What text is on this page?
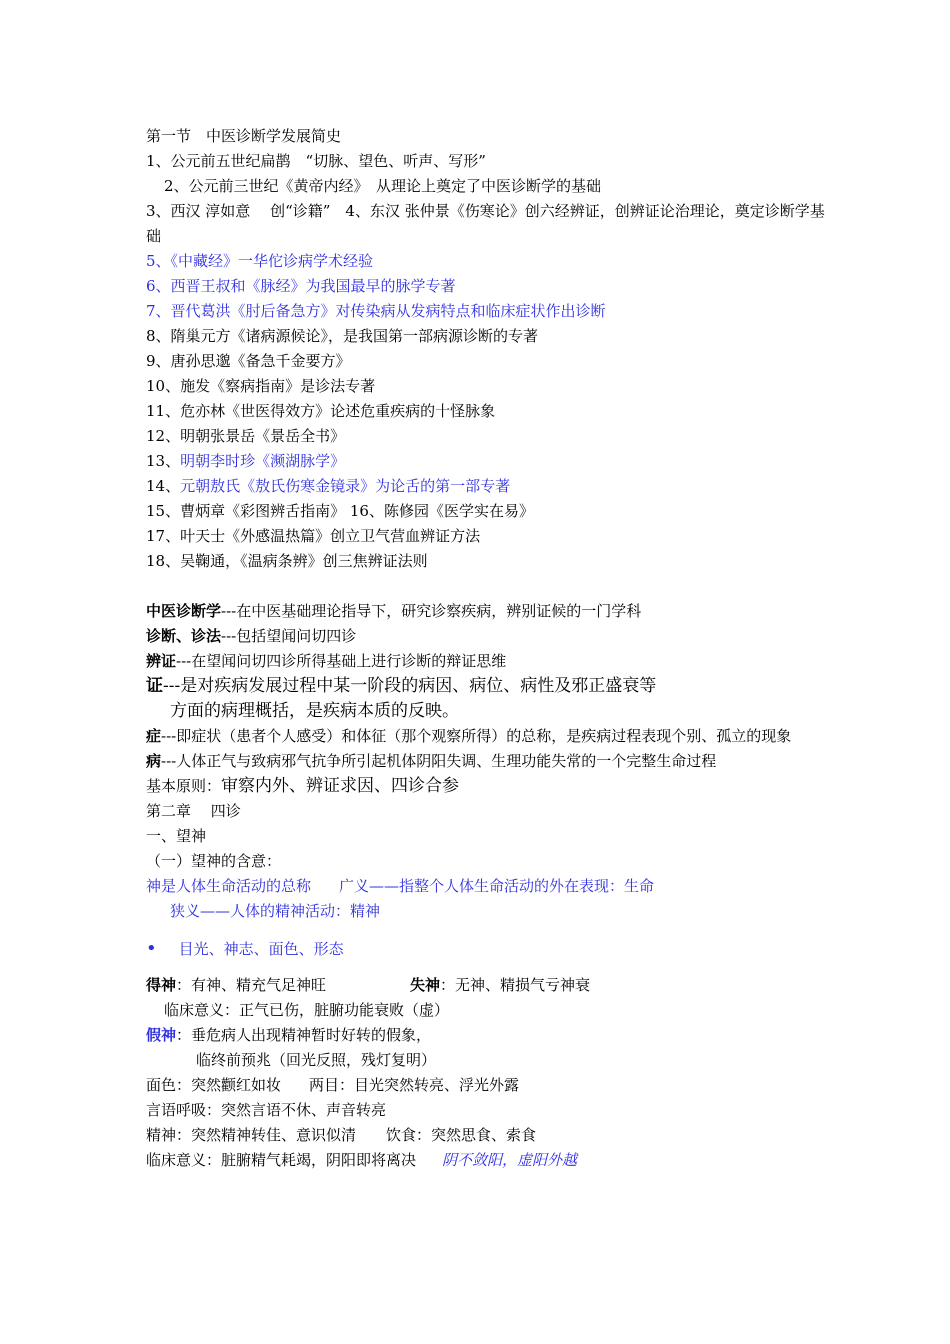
第一节　中医诊断学发展简史
1、公元前五世纪扁鹊　“切脉、望色、听声、写形”
2、公元前三世纪《黄帝内经》　从理论上奠定了中医诊断学的基础
3、西汉 淳如意　 创“诊籍”　4、东汉 张仲景《伤寒论》创六经辨证，创辨证论治理论，奠定诊断学基础
5、《中藏经》一华佗诊病学术经验
6、西晋王叔和《脉经》为我国最早的脉学专著
7、晋代葛洪《肘后备急方》对传染病从发病特点和临床症状作出诊断
8、隋巢元方《诸病源候论》，是我国第一部病源诊断的专著
9、唐孙思邈《备急千金要方》
10、施发《察病指南》是诊法专著
11、危亦林《世医得效方》论述危重疾病的十怪脉象
12、明朝张景岳《景岳全书》
13、明朝李时珍《濒湖脉学》
14、元朝敖氏《敖氏伤寒金镜录》为论舌的第一部专著
15、曹炳章《彩图辨舌指南》 16、陈修园《医学实在易》
17、叶天士《外感温热篇》创立卫气营血辨证方法
18、吴鞠通，《温病条辨》创三焦辨证法则
中医诊断学---在中医基础理论指导下，研究诊察疾病，辨别证候的一门学科
诊断、诊法---包括望闻问切四诊
辨证---在望闻问切四诊所得基础上进行诊断的辩证思维
证---是对疾病发展过程中某一阶段的病因、病位、病性及邪正盛衰等
方面的病理概括，是疾病本质的反映。
症---即症状（患者个人感受）和体征（那个观察所得）的总称，是疾病过程表现个别、孤立的现象
病---人体正气与致病邪气抗争所引起机体阴阳失调、生理功能失常的一个完整生命过程
基本原则：审察内外、辨证求因、四诊合参
第二章　 四诊
一、望神
（一）望神的含意：
神是人体生命活动的总称 广义——指整个人体生命活动的外在表现：生命
狭义——人体的精神活动：精神
• 目光、神志、面色、形态
得神：有神、精充气足神旺	失神：无神、精损气亏神衰
临床意义：正气已伤，脏腑功能衰败（虚）
假神：垂危病人出现精神暂时好转的假象，
临终前预兆（回光反照，残灯复明）
面色：突然颧红如妆 两目：目光突然转亮、浮光外露
言语呼吸：突然言语不休、声音转亮
精神：突然精神转佳、意识似清 饮食：突然思食、索食
临床意义：脏腑精气耗竭，阴阳即将离决 阴不敛阳，虚阳外越
